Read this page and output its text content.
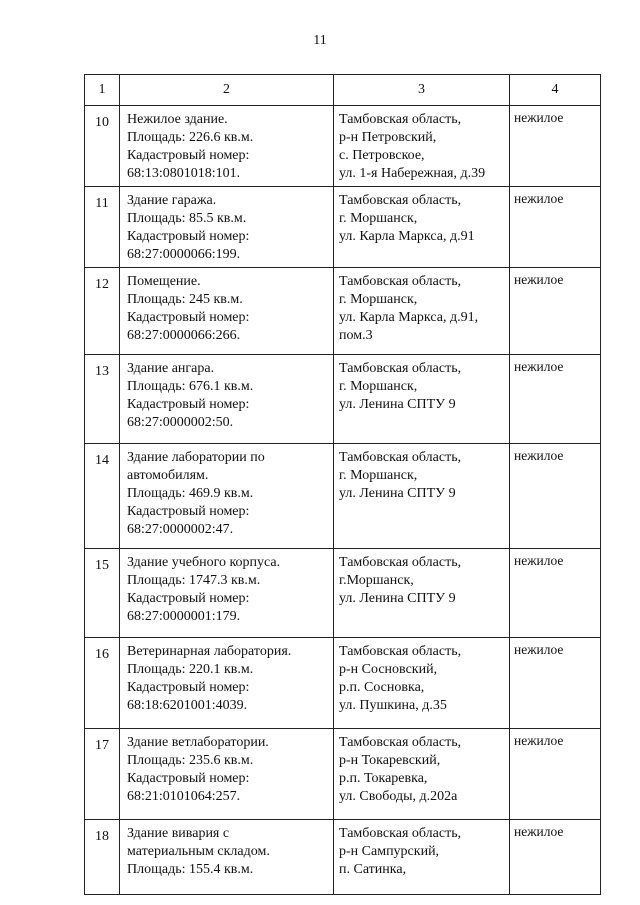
11
1	2	3	4
10	Нежилое здание.
Площадь: 226.6 кв.м.
Кадастровый номер:
68:13:0801018:101.	Тамбовская область,
р-н Петровский,
с. Петровское,
ул. 1-я Набережная, д.39	нежилое
11	Здание гаража.
Площадь: 85.5 кв.м.
Кадастровый номер:
68:27:0000066:199.	Тамбовская область,
г. Моршанск,
ул. Карла Маркса, д.91	нежилое
12	Помещение.
Площадь: 245 кв.м.
Кадастровый номер:
68:27:0000066:266.	Тамбовская область,
г. Моршанск,
ул. Карла Маркса, д.91,
пом.3	нежилое
13	Здание ангара.
Площадь: 676.1 кв.м.
Кадастровый номер:
68:27:0000002:50.	Тамбовская область,
г. Моршанск,
ул. Ленина СПТУ 9	нежилое
14	Здание лаборатории по
автомобилям.
Площадь: 469.9 кв.м.
Кадастровый номер:
68:27:0000002:47.	Тамбовская область,
г. Моршанск,
ул. Ленина СПТУ 9	нежилое
15	Здание учебного корпуса.
Площадь: 1747.3 кв.м.
Кадастровый номер:
68:27:0000001:179.	Тамбовская область,
г.Моршанск,
ул. Ленина СПТУ 9	нежилое
16	Ветеринарная лаборатория.
Площадь: 220.1 кв.м.
Кадастровый номер:
68:18:6201001:4039.	Тамбовская область,
р-н Сосновский,
р.п. Сосновка,
ул. Пушкина, д.35	нежилое
17	Здание ветлаборатории.
Площадь: 235.6 кв.м.
Кадастровый номер:
68:21:0101064:257.	Тамбовская область,
р-н Токаревский,
р.п. Токаревка,
ул. Свободы, д.202а	нежилое
18	Здание вивария с
материальным складом.
Площадь: 155.4 кв.м.	Тамбовская область,
р-н Сампурский,
п. Сатинка,	нежилое
